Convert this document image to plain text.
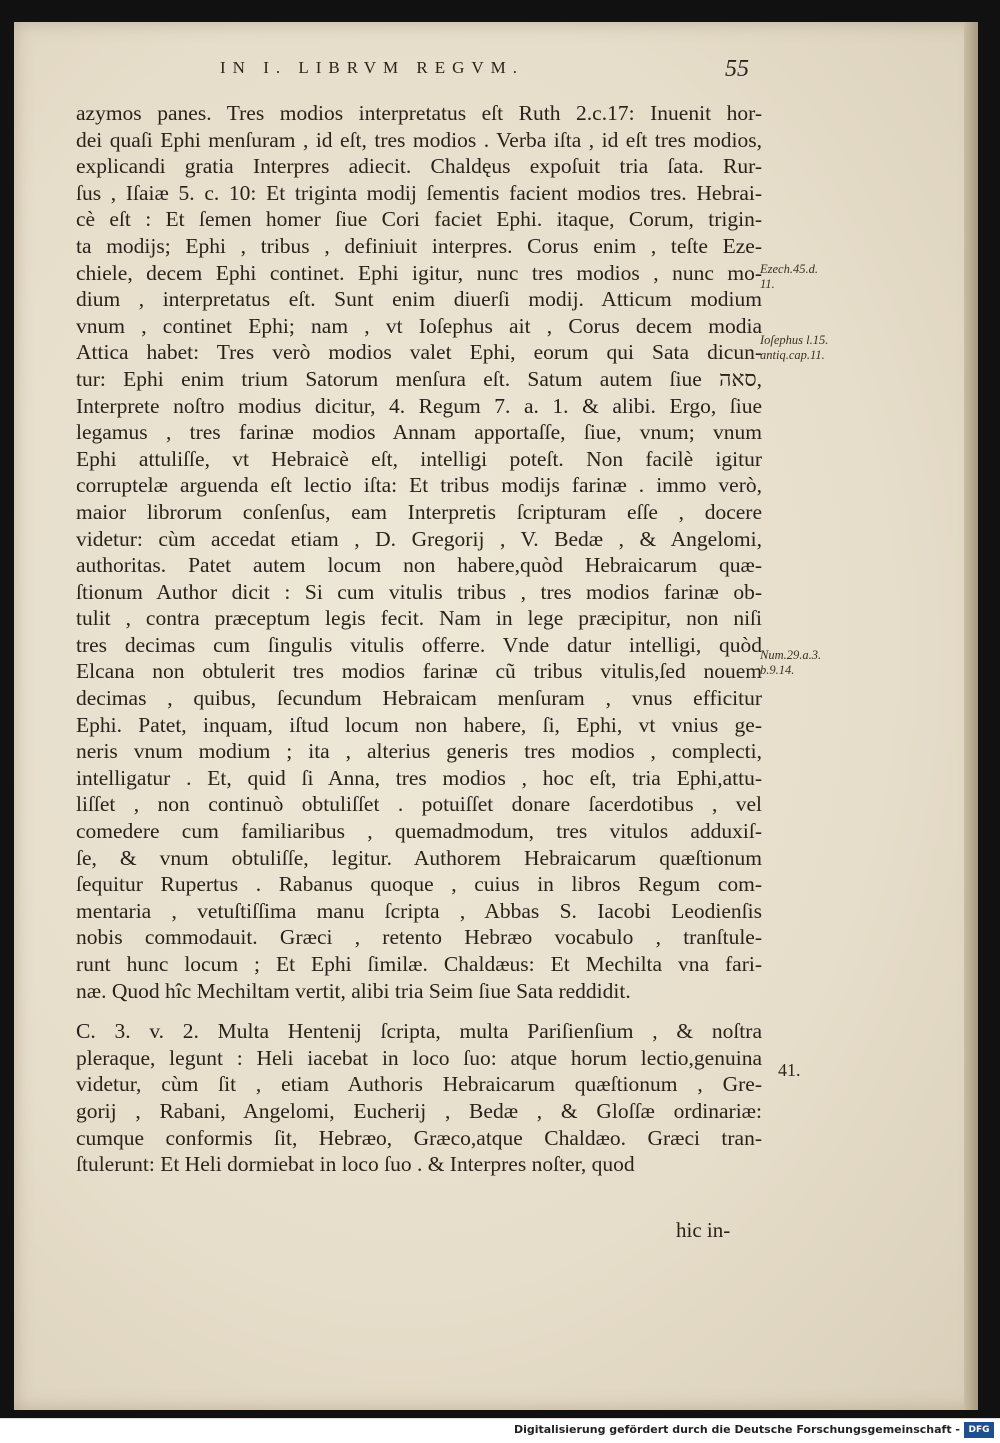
IN I. LIBRVM REGVM.	55
azymos panes. Tres modios interpretatus eſt Ruth 2.c.17: Inuenit hor-
dei quaſi Ephi menſuram , id eſt, tres modios . Verba iſta , id eſt tres modios,
explicandi gratia Interpres adiecit. Chaldęus expoſuit tria ſata. Rur-
ſus , Iſaiæ 5. c. 10: Et triginta modij ſementis facient modios tres. Hebrai-
cè eſt : Et ſemen homer ſiue Cori faciet Ephi. itaque, Corum, trigin-
ta modijs; Ephi , tribus , definiuit interpres. Corus enim , teſte Eze-
chiele, decem Ephi continet. Ephi igitur, nunc tres modios , nunc mo-
dium , interpretatus eſt. Sunt enim diuerſi modij. Atticum modium
vnum , continet Ephi; nam , vt Ioſephus ait , Corus decem modia
Attica habet: Tres verò modios valet Ephi, eorum qui Sata dicun-
tur: Ephi enim trium Satorum menſura eſt. Satum autem ſiue סאה,
Interprete noſtro modius dicitur, 4. Regum 7. a. 1. & alibi. Ergo, ſiue
legamus , tres farinæ modios Annam apportaſſe, ſiue, vnum; vnum
Ephi attuliſſe, vt Hebraicè eſt, intelligi poteſt. Non facilè igitur
corruptelæ arguenda eſt lectio iſta: Et tribus modijs farinæ . immo verò,
maior librorum conſenſus, eam Interpretis ſcripturam eſſe , docere
videtur: cùm accedat etiam , D. Gregorij , V. Bedæ , & Angelomi,
authoritas. Patet autem locum non habere,quòd Hebraicarum quæ-
ſtionum Author dicit : Si cum vitulis tribus , tres modios farinæ ob-
tulit , contra præceptum legis fecit. Nam in lege præcipitur, non niſi
tres decimas cum ſingulis vitulis offerre. Vnde datur intelligi, quòd
Elcana non obtulerit tres modios farinæ cũ tribus vitulis,ſed nouem
decimas , quibus, ſecundum Hebraicam menſuram , vnus efficitur
Ephi. Patet, inquam, iſtud locum non habere, ſi, Ephi, vt vnius ge-
neris vnum modium ; ita , alterius generis tres modios , complecti,
intelligatur . Et, quid ſi Anna, tres modios , hoc eſt, tria Ephi,attu-
liſſet , non continuò obtuliſſet . potuiſſet donare ſacerdotibus , vel
comedere cum familiaribus , quemadmodum, tres vitulos adduxiſ-
ſe, & vnum obtuliſſe, legitur. Authorem Hebraicarum quæſtionum
ſequitur Rupertus . Rabanus quoque , cuius in libros Regum com-
mentaria , vetuſtiſſima manu ſcripta , Abbas S. Iacobi Leodienſis
nobis commodauit. Græci , retento Hebræo vocabulo , tranſtule-
runt hunc locum ; Et Ephi ſimilæ. Chaldæus: Et Mechilta vna fari-
næ. Quod hîc Mechiltam vertit, alibi tria Seim ſiue Sata reddidit.
C. 3. v. 2. Multa Hentenij ſcripta, multa Pariſienſium , & noſtra
pleraque, legunt : Heli iacebat in loco ſuo: atque horum lectio,genuina
videtur, cùm ſit , etiam Authoris Hebraicarum quæſtionum , Gre-
gorij , Rabani, Angelomi, Eucherij , Bedæ , & Gloſſæ ordinariæ:
cumque conformis ſit, Hebræo, Græco,atque Chaldæo. Græci tran-
ſtulerunt: Et Heli dormiebat in loco ſuo . & Interpres noſter, quod
Ezech.45.d.
11.
Ioſephus l.15.
antiq.cap.11.
Num.29.a.3.
b.9.14.
41.
hic in-
Digitalisierung gefördert durch die Deutsche Forschungsgemeinschaft - DFG
